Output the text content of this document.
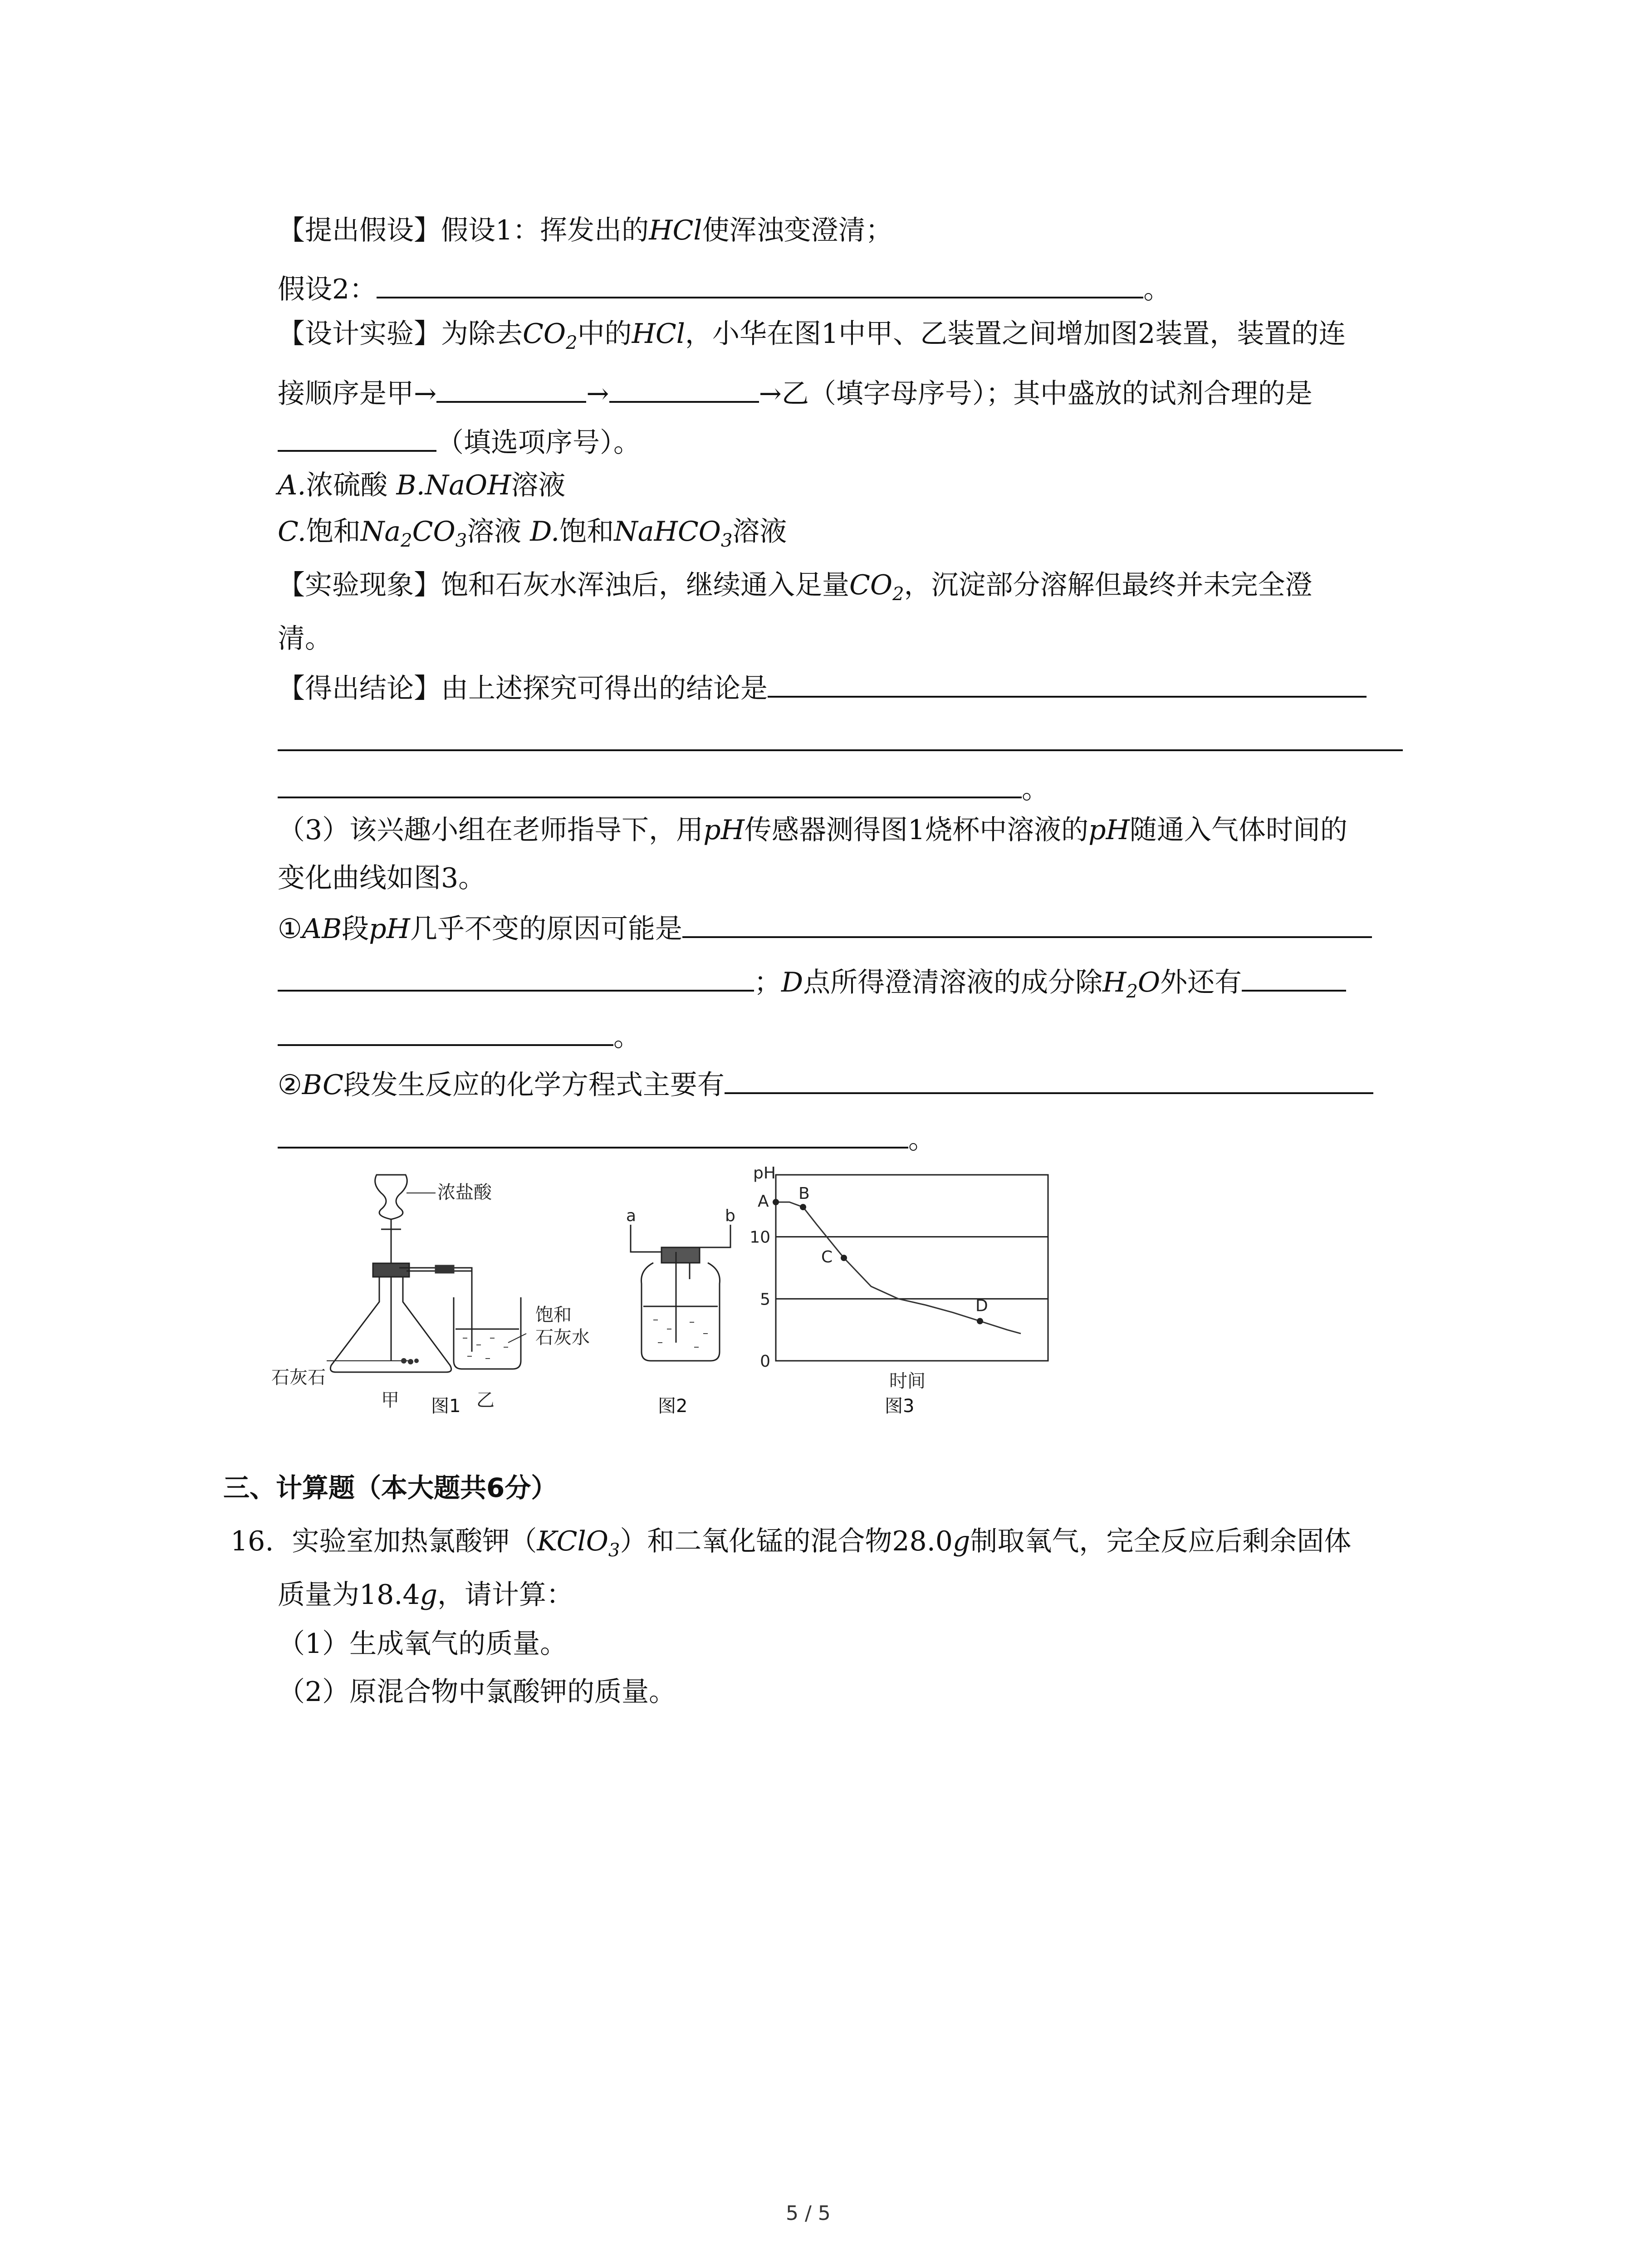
【提出假设】假设1：挥发出的HCl使浑浊变澄清；
假设2：	。
【设计实验】为除去$CO_2$中的HCl，小华在图1中甲、乙装置之间增加图2装置，装置的连
接顺序是甲→	→	→乙（填字母序号）；其中盛放的试剂合理的是
（填选项序号）。
A.浓硫酸 B.NaOH溶液
C.饱和$Na_2CO_3$溶液 D.饱和NaHCO$_3$溶液
【实验现象】饱和石灰水浑浊后，继续通入足量$CO_2$，沉淀部分溶解但最终并未完全澄
清。
【得出结论】由上述探究可得出的结论是
。
（3）该兴趣小组在老师指导下，用pH传感器测得图1烧杯中溶液的pH随通入气体时间的
变化曲线如图3。
①AB段pH几乎不变的原因可能是
；D点所得澄清溶液的成分除$H_2O$外还有
。
②BC段发生反应的化学方程式主要有
。
浓盐酸
石灰石
饱和
石灰水
甲	乙
图1
a	b
图2
0
5
10
A B
C
D
pH
时间
图3
三、计算题（本大题共6分）
16. 实验室加热氯酸钾（KClO$_3$）和二氧化锰的混合物28.0g制取氧气，完全反应后剩余固体
质量为18.4g，请计算：
（1）生成氧气的质量。
（2）原混合物中氯酸钾的质量。
5 / 5
